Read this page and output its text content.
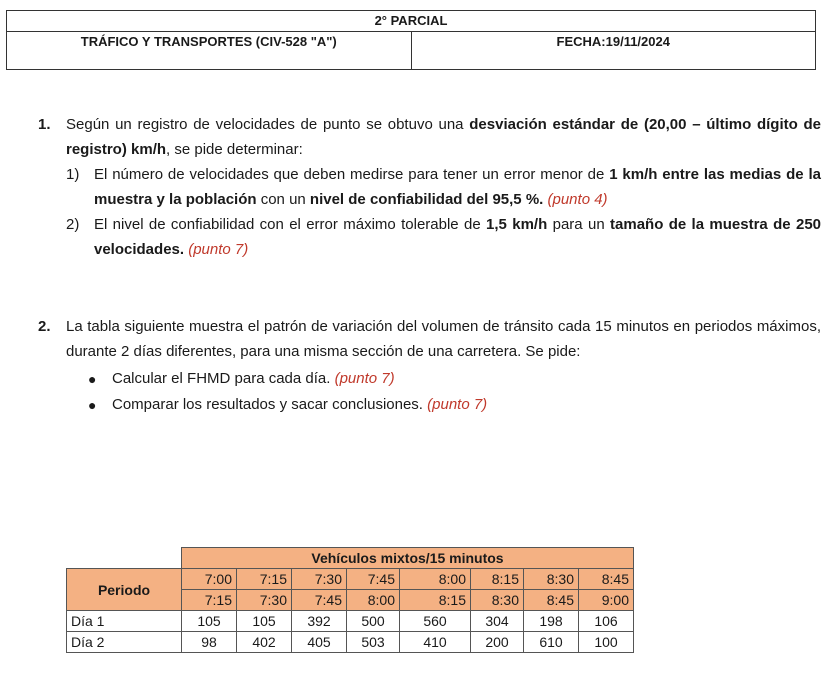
2° PARCIAL
TRÁFICO Y TRANSPORTES (CIV-528 "A")	FECHA:19/11/2024
1.	Según un registro de velocidades de punto se obtuvo una desviación estándar de (20,00 – último dígito de registro) km/h, se pide determinar:
1) El número de velocidades que deben medirse para tener un error menor de 1 km/h entre las medias de la muestra y la población con un nivel de confiabilidad del 95,5 %. (punto 4)
2) El nivel de confiabilidad con el error máximo tolerable de 1,5 km/h para un tamaño de la muestra de 250 velocidades. (punto 7)
2.	La tabla siguiente muestra el patrón de variación del volumen de tránsito cada 15 minutos en periodos máximos, durante 2 días diferentes, para una misma sección de una carretera. Se pide:
●	Calcular el FHMD para cada día. (punto 7)
●	Comparar los resultados y sacar conclusiones. (punto 7)
	Vehículos mixtos/15 minutos							
Periodo	7:00	7:15	7:30	7:45	8:00	8:15	8:30	8:45
	7:15	7:30	7:45	8:00	8:15	8:30	8:45	9:00
Día 1	105	105	392	500	560	304	198	106
Día 2	98	402	405	503	410	200	610	100
